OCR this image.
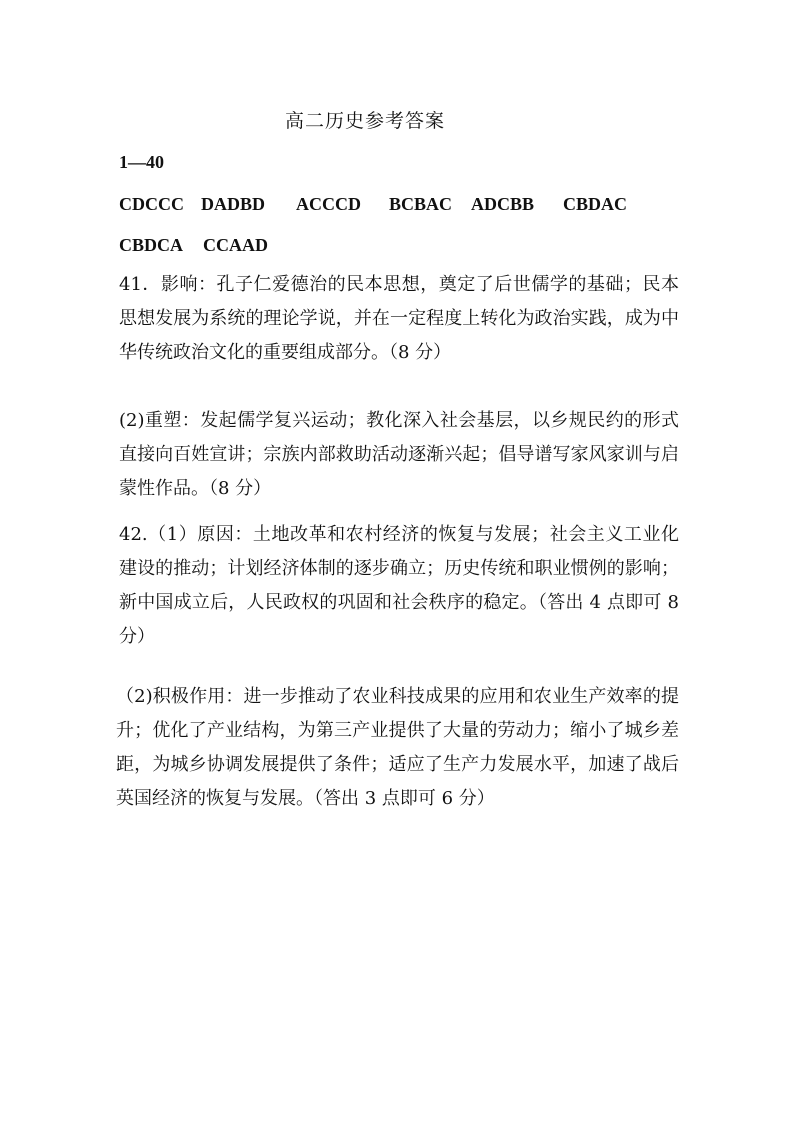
高二历史参考答案
1—40
CDCCC DADBD ACCCD BCBAC ADCBB CBDAC
CBDCA CCAAD
41．影响：孔子仁爱德治的民本思想，奠定了后世儒学的基础；民本思想发展为系统的理论学说，并在一定程度上转化为政治实践，成为中华传统政治文化的重要组成部分。（8 分）
(2)重塑：发起儒学复兴运动；教化深入社会基层，以乡规民约的形式直接向百姓宣讲；宗族内部救助活动逐渐兴起；倡导谱写家风家训与启蒙性作品。（8 分）
42.（1）原因：土地改革和农村经济的恢复与发展；社会主义工业化建设的推动；计划经济体制的逐步确立；历史传统和职业惯例的影响；新中国成立后，人民政权的巩固和社会秩序的稳定。（答出 4 点即可 8 分）
（2)积极作用：进一步推动了农业科技成果的应用和农业生产效率的提升；优化了产业结构，为第三产业提供了大量的劳动力；缩小了城乡差距，为城乡协调发展提供了条件；适应了生产力发展水平，加速了战后英国经济的恢复与发展。（答出 3 点即可 6 分）
